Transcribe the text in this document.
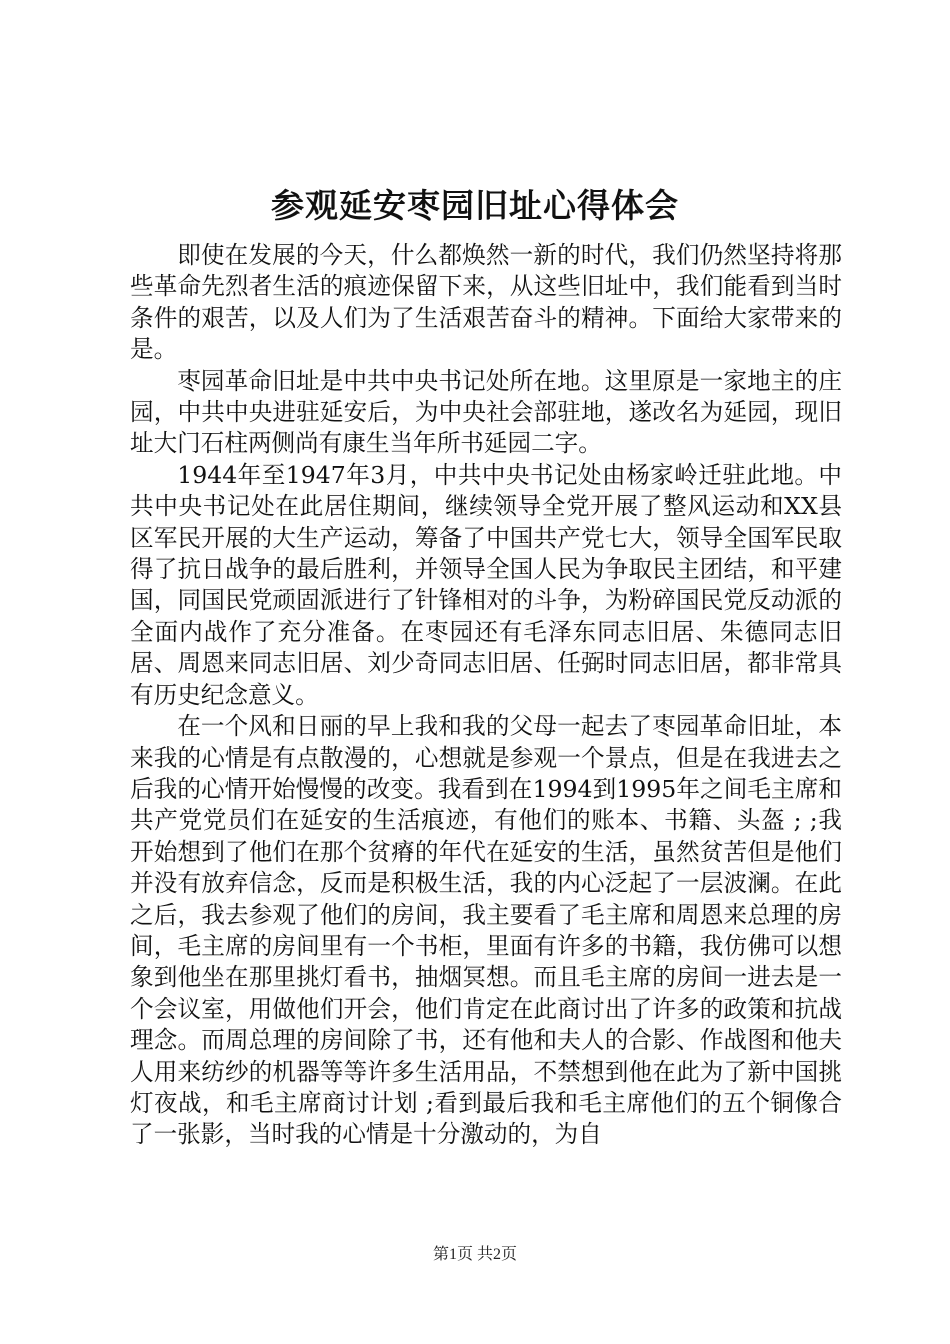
参观延安枣园旧址心得体会

即使在发展的今天，什么都焕然一新的时代，我们仍然坚持将那些革命先烈者生活的痕迹保留下来，从这些旧址中，我们能看到当时条件的艰苦，以及人们为了生活艰苦奋斗的精神。下面给大家带来的是。

枣园革命旧址是中共中央书记处所在地。这里原是一家地主的庄园，中共中央进驻延安后，为中央社会部驻地，遂改名为延园，现旧址大门石柱两侧尚有康生当年所书延园二字。

1944年至1947年3月，中共中央书记处由杨家岭迁驻此地。中共中央书记处在此居住期间，继续领导全党开展了整风运动和XX县区军民开展的大生产运动，筹备了中国共产党七大，领导全国军民取得了抗日战争的最后胜利，并领导全国人民为争取民主团结，和平建国，同国民党顽固派进行了针锋相对的斗争，为粉碎国民党反动派的全面内战作了充分准备。在枣园还有毛泽东同志旧居、朱德同志旧居、周恩来同志旧居、刘少奇同志旧居、任弼时同志旧居，都非常具有历史纪念意义。

在一个风和日丽的早上我和我的父母一起去了枣园革命旧址，本来我的心情是有点散漫的，心想就是参观一个景点，但是在我进去之后我的心情开始慢慢的改变。我看到在1994到1995年之间毛主席和共产党党员们在延安的生活痕迹，有他们的账本、书籍、头盔 ; ;我开始想到了他们在那个贫瘠的年代在延安的生活，虽然贫苦但是他们并没有放弃信念，反而是积极生活，我的内心泛起了一层波澜。在此之后，我去参观了他们的房间，我主要看了毛主席和周恩来总理的房间，毛主席的房间里有一个书柜，里面有许多的书籍，我仿佛可以想象到他坐在那里挑灯看书，抽烟冥想。而且毛主席的房间一进去是一个会议室，用做他们开会，他们肯定在此商讨出了许多的政策和抗战理念。而周总理的房间除了书，还有他和夫人的合影、作战图和他夫人用来纺纱的机器等等许多生活用品，不禁想到他在此为了新中国挑灯夜战，和毛主席商讨计划 ;看到最后我和毛主席他们的五个铜像合了一张影，当时我的心情是十分激动的，为自

第1页 共2页
